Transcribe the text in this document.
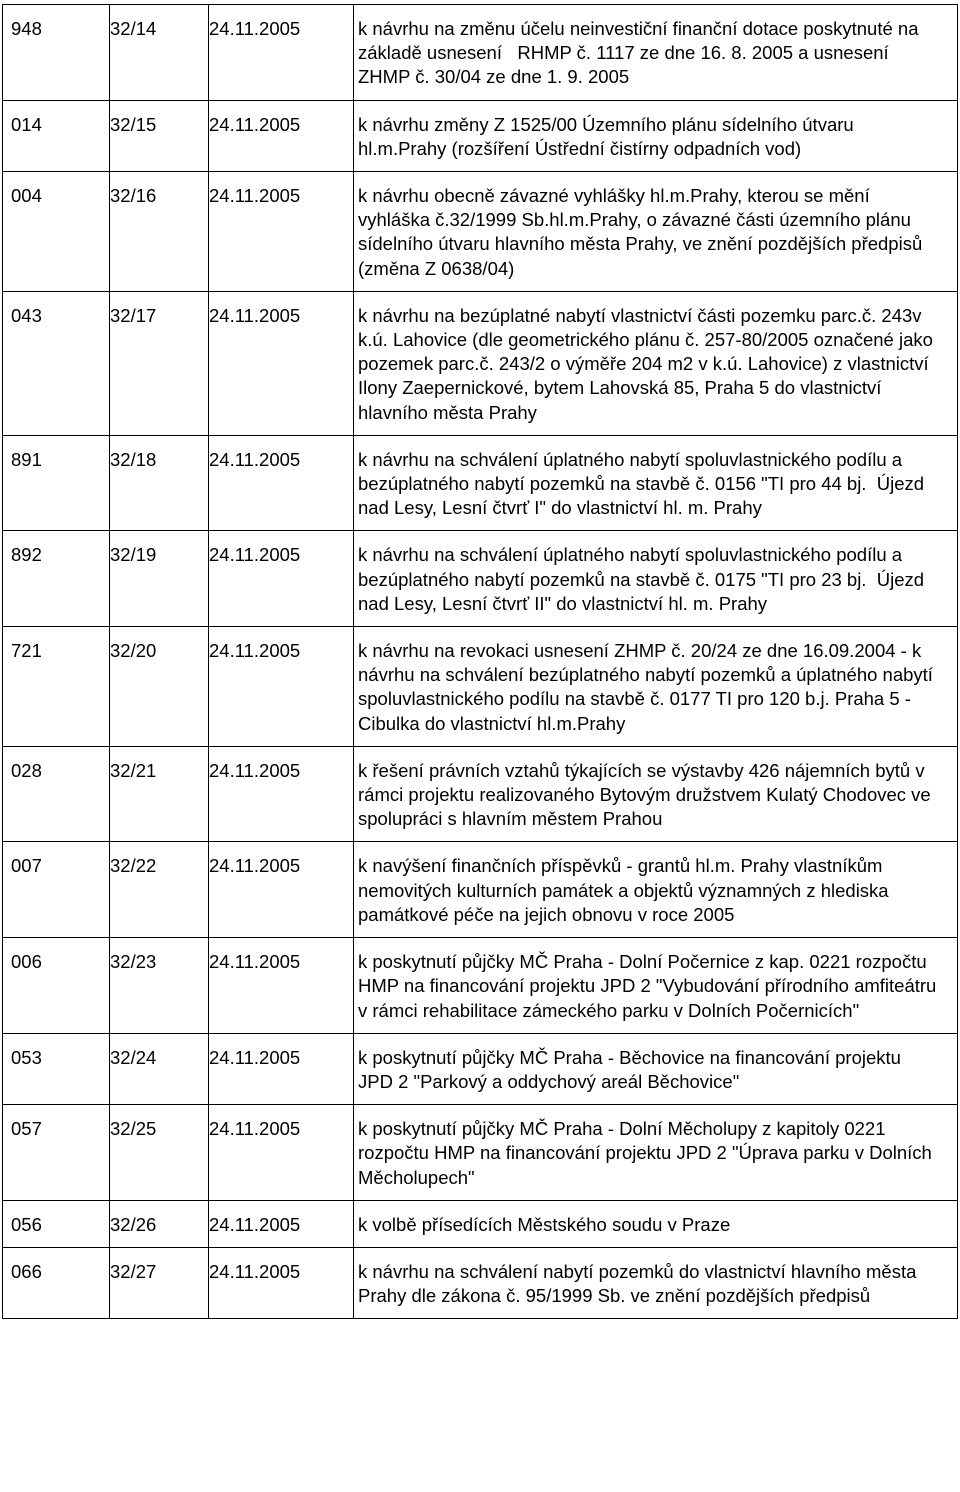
948	32/14	24.11.2005	k návrhu na změnu účelu neinvestiční finanční dotace poskytnuté na základě usnesení   RHMP č. 1117 ze dne 16. 8. 2005 a usnesení ZHMP č. 30/04 ze dne 1. 9. 2005
014	32/15	24.11.2005	k návrhu změny Z 1525/00 Územního plánu sídelního útvaru hl.m.Prahy (rozšíření Ústřední čistírny odpadních vod)
004	32/16	24.11.2005	k návrhu obecně závazné vyhlášky hl.m.Prahy, kterou se mění vyhláška č.32/1999 Sb.hl.m.Prahy, o závazné části územního plánu sídelního útvaru hlavního města Prahy, ve znění pozdějších předpisů (změna Z 0638/04)
043	32/17	24.11.2005	k návrhu na bezúplatné nabytí vlastnictví části pozemku parc.č. 243v k.ú. Lahovice (dle geometrického plánu č. 257-80/2005 označené jako pozemek parc.č. 243/2 o výměře 204 m2 v k.ú. Lahovice) z vlastnictví Ilony Zaepernickové, bytem Lahovská 85, Praha 5 do vlastnictví hlavního města Prahy
891	32/18	24.11.2005	k návrhu na schválení úplatného nabytí spoluvlastnického podílu a bezúplatného nabytí pozemků na stavbě č. 0156 "TI pro 44 bj.  Újezd nad Lesy, Lesní čtvrť I" do vlastnictví hl. m. Prahy
892	32/19	24.11.2005	k návrhu na schválení úplatného nabytí spoluvlastnického podílu a bezúplatného nabytí pozemků na stavbě č. 0175 "TI pro 23 bj.  Újezd nad Lesy, Lesní čtvrť II" do vlastnictví hl. m. Prahy
721	32/20	24.11.2005	k návrhu na revokaci usnesení ZHMP č. 20/24 ze dne 16.09.2004 - k návrhu na schválení bezúplatného nabytí pozemků a úplatného nabytí spoluvlastnického podílu na stavbě č. 0177 TI pro 120 b.j. Praha 5 - Cibulka do vlastnictví hl.m.Prahy
028	32/21	24.11.2005	k řešení právních vztahů týkajících se výstavby 426 nájemních bytů v rámci projektu realizovaného Bytovým družstvem Kulatý Chodovec ve spolupráci s hlavním městem Prahou
007	32/22	24.11.2005	k navýšení finančních příspěvků - grantů hl.m. Prahy vlastníkům nemovitých kulturních památek a objektů významných z hlediska památkové péče na jejich obnovu v roce 2005
006	32/23	24.11.2005	k poskytnutí půjčky MČ Praha - Dolní Počernice z kap. 0221 rozpočtu HMP na financování projektu JPD 2 "Vybudování přírodního amfiteátru v rámci rehabilitace zámeckého parku v Dolních Počernicích"
053	32/24	24.11.2005	k poskytnutí půjčky MČ Praha - Běchovice na financování projektu JPD 2 "Parkový a oddychový areál Běchovice"
057	32/25	24.11.2005	k poskytnutí půjčky MČ Praha - Dolní Měcholupy z kapitoly 0221 rozpočtu HMP na financování projektu JPD 2 "Úprava parku v Dolních Měcholupech"
056	32/26	24.11.2005	k volbě přísedících Městského soudu v Praze
066	32/27	24.11.2005	k návrhu na schválení nabytí pozemků do vlastnictví hlavního města Prahy dle zákona č. 95/1999 Sb. ve znění pozdějších předpisů
